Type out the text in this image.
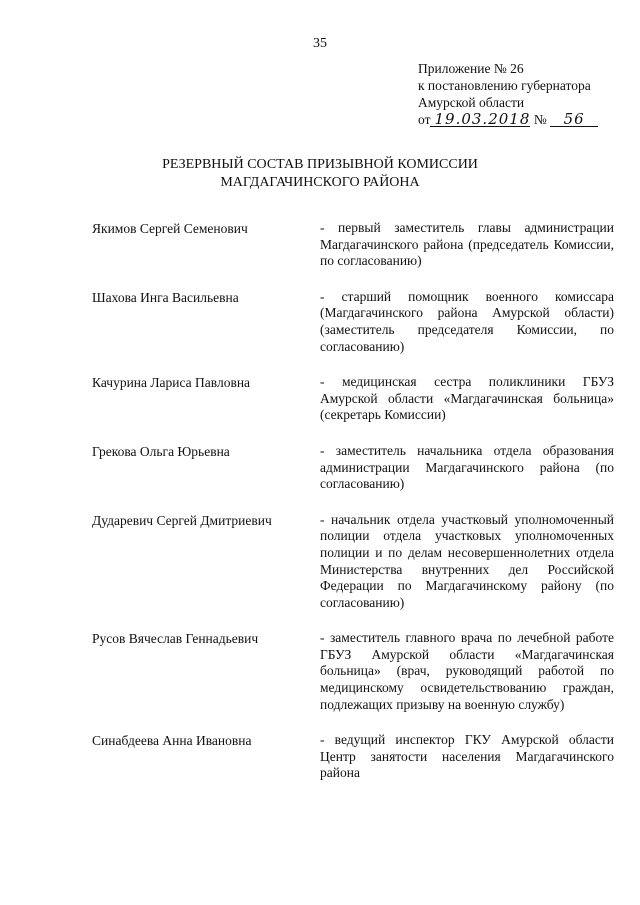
35
Приложение № 26
к постановлению губернатора
Амурской области
от 19.03.2018 № 56
РЕЗЕРВНЫЙ СОСТАВ ПРИЗЫВНОЙ КОМИССИИ
МАГДАГАЧИНСКОГО РАЙОНА
Якимов Сергей Семенович	- первый заместитель главы администрации Магдагачинского района (председатель Комиссии, по согласованию)
Шахова Инга Васильевна	- старший помощник военного комиссара (Магдагачинского района Амурской области) (заместитель председателя Комиссии, по согласованию)
Качурина Лариса Павловна	- медицинская сестра поликлиники ГБУЗ Амурской области «Магдагачинская больница» (секретарь Комиссии)
Грекова Ольга Юрьевна	- заместитель начальника отдела образования администрации Магдагачинского района (по согласованию)
Дударевич Сергей Дмитриевич	- начальник отдела участковый уполномоченный полиции отдела участковых уполномоченных полиции и по делам несовершеннолетних отдела Министерства внутренних дел Российской Федерации по Магдагачинскому району (по согласованию)
Русов Вячеслав Геннадьевич	- заместитель главного врача по лечебной работе ГБУЗ Амурской области «Магдагачинская больница» (врач, руководящий работой по медицинскому освидетельствованию граждан, подлежащих призыву на военную службу)
Синабдеева Анна Ивановна	- ведущий инспектор ГКУ Амурской области Центр занятости населения Магдагачинского района
